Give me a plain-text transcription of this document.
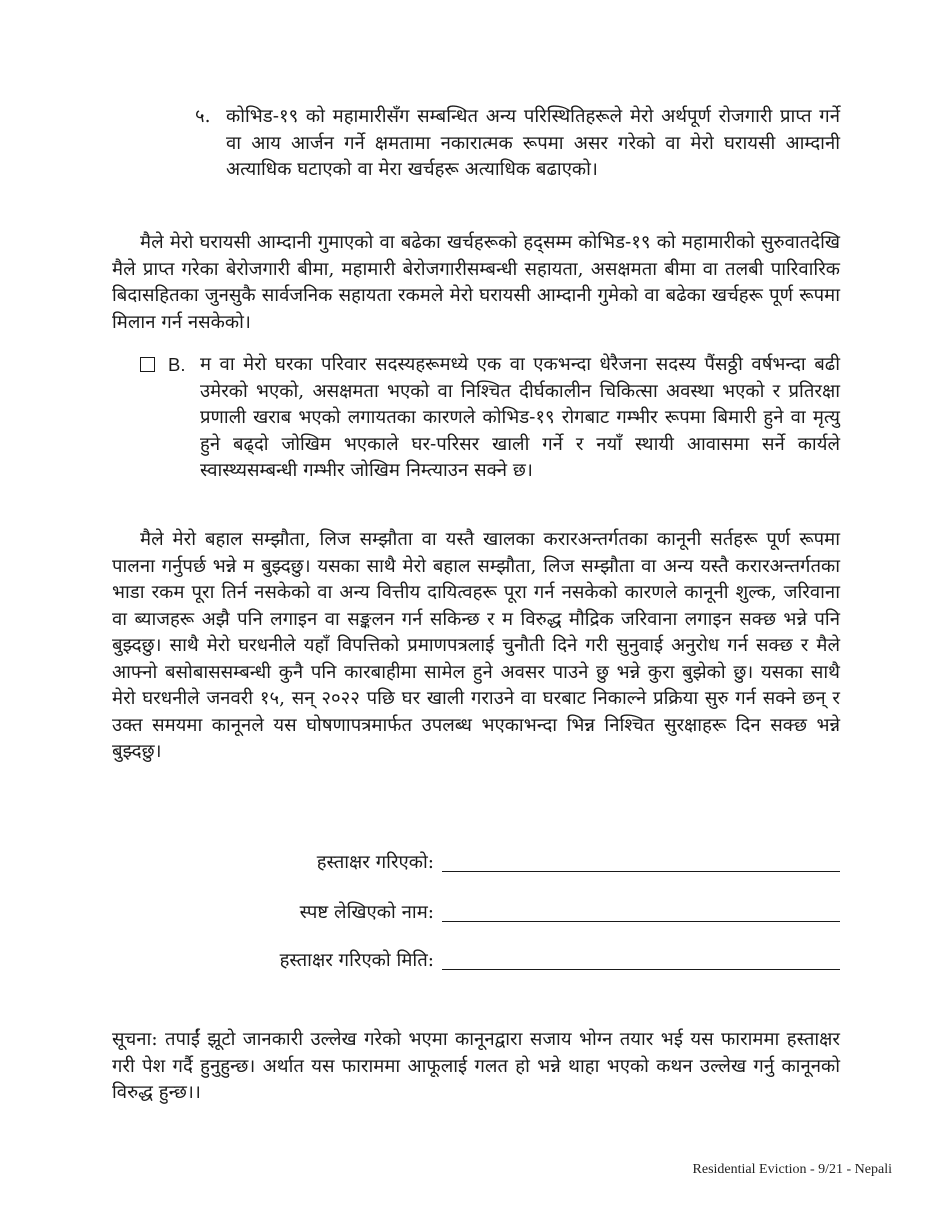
५. कोभिड-१९ को महामारीसँग सम्बन्धित अन्य परिस्थितिहरूले मेरो अर्थपूर्ण रोजगारी प्राप्त गर्ने वा आय आर्जन गर्ने क्षमतामा नकारात्मक रूपमा असर गरेको वा मेरो घरायसी आम्दानी अत्याधिक घटाएको वा मेरा खर्चहरू अत्याधिक बढाएको।
मैले मेरो घरायसी आम्दानी गुमाएको वा बढेका खर्चहरूको हद्सम्म कोभिड-१९ को महामारीको सुरुवातदेखि मैले प्राप्त गरेका बेरोजगारी बीमा, महामारी बेरोजगारीसम्बन्धी सहायता, असक्षमता बीमा वा तलबी पारिवारिक बिदासहितका जुनसुकै सार्वजनिक सहायता रकमले मेरो घरायसी आम्दानी गुमेको वा बढेका खर्चहरू पूर्ण रूपमा मिलान गर्न नसकेको।
B. म वा मेरो घरका परिवार सदस्यहरूमध्ये एक वा एकभन्दा धेरैजना सदस्य पैंसठ्ठी वर्षभन्दा बढी उमेरको भएको, असक्षमता भएको वा निश्चित दीर्घकालीन चिकित्सा अवस्था भएको र प्रतिरक्षा प्रणाली खराब भएको लगायतका कारणले कोभिड-१९ रोगबाट गम्भीर रूपमा बिमारी हुने वा मृत्यु हुने बढ्दो जोखिम भएकाले घर-परिसर खाली गर्ने र नयाँ स्थायी आवासमा सर्ने कार्यले स्वास्थ्यसम्बन्धी गम्भीर जोखिम निम्त्याउन सक्ने छ।
मैले मेरो बहाल सम्झौता, लिज सम्झौता वा यस्तै खालका करारअन्तर्गतका कानूनी सर्तहरू पूर्ण रूपमा पालना गर्नुपर्छ भन्ने म बुझ्दछु। यसका साथै मेरो बहाल सम्झौता, लिज सम्झौता वा अन्य यस्तै करारअन्तर्गतका भाडा रकम पूरा तिर्न नसकेको वा अन्य वित्तीय दायित्वहरू पूरा गर्न नसकेको कारणले कानूनी शुल्क, जरिवाना वा ब्याजहरू अझै पनि लगाइन वा सङ्कलन गर्न सकिन्छ र म विरुद्ध मौद्रिक जरिवाना लगाइन सक्छ भन्ने पनि बुझ्दछु। साथै मेरो घरधनीले यहाँ विपत्तिको प्रमाणपत्रलाई चुनौती दिने गरी सुनुवाई अनुरोध गर्न सक्छ र मैले आफ्नो बसोबाससम्बन्धी कुनै पनि कारबाहीमा सामेल हुने अवसर पाउने छु भन्ने कुरा बुझेको छु। यसका साथै मेरो घरधनीले जनवरी १५, सन् २०२२ पछि घर खाली गराउने वा घरबाट निकाल्ने प्रक्रिया सुरु गर्न सक्ने छन् र उक्त समयमा कानूनले यस घोषणापत्रमार्फत उपलब्ध भएकाभन्दा भिन्न निश्चित सुरक्षाहरू दिन सक्छ भन्ने बुझ्दछु।
हस्ताक्षर गरिएको:
स्पष्ट लेखिएको नाम:
हस्ताक्षर गरिएको मिति:
सूचना: तपाईं झूटो जानकारी उल्लेख गरेको भएमा कानूनद्वारा सजाय भोग्न तयार भई यस फाराममा हस्ताक्षर गरी पेश गर्दै हुनुहुन्छ। अर्थात यस फाराममा आफूलाई गलत हो भन्ने थाहा भएको कथन उल्लेख गर्नु कानूनको विरुद्ध हुन्छ।।
Residential Eviction - 9/21 - Nepali
